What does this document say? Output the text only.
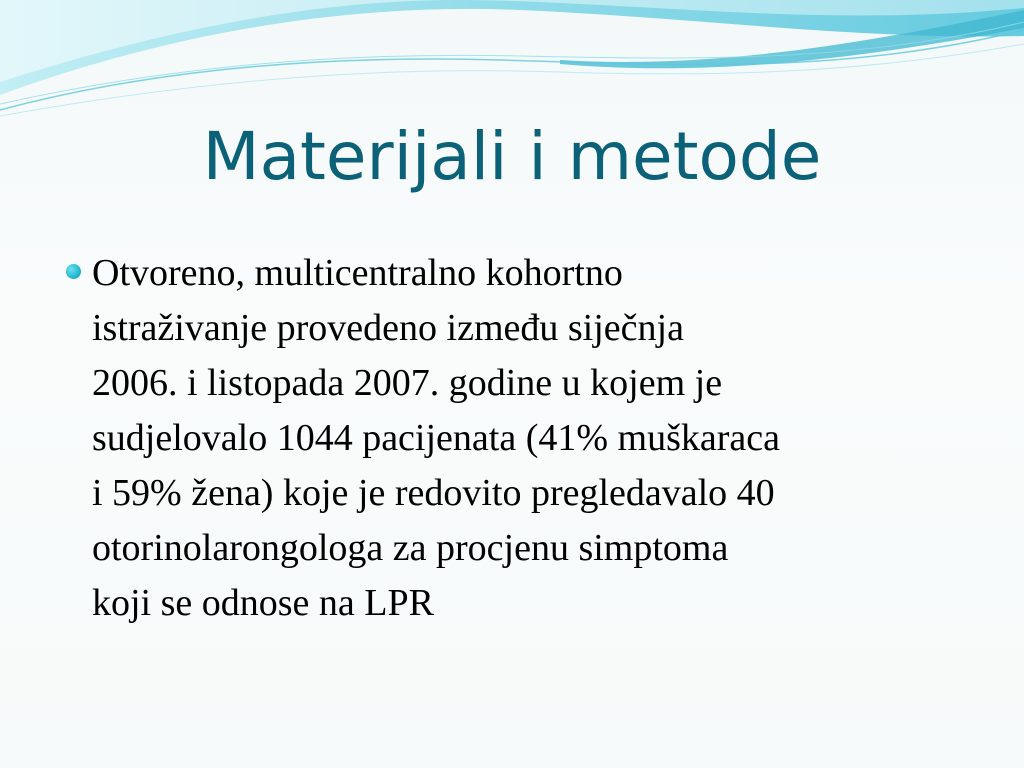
Materijali i metode
Otvoreno, multicentralno kohortno
istraživanje provedeno između siječnja
2006. i listopada 2007. godine u kojem je
sudjelovalo 1044 pacijenata (41% muškaraca
i 59% žena) koje je redovito pregledavalo 40
otorinolarongologa za procjenu simptoma
koji se odnose na LPR
